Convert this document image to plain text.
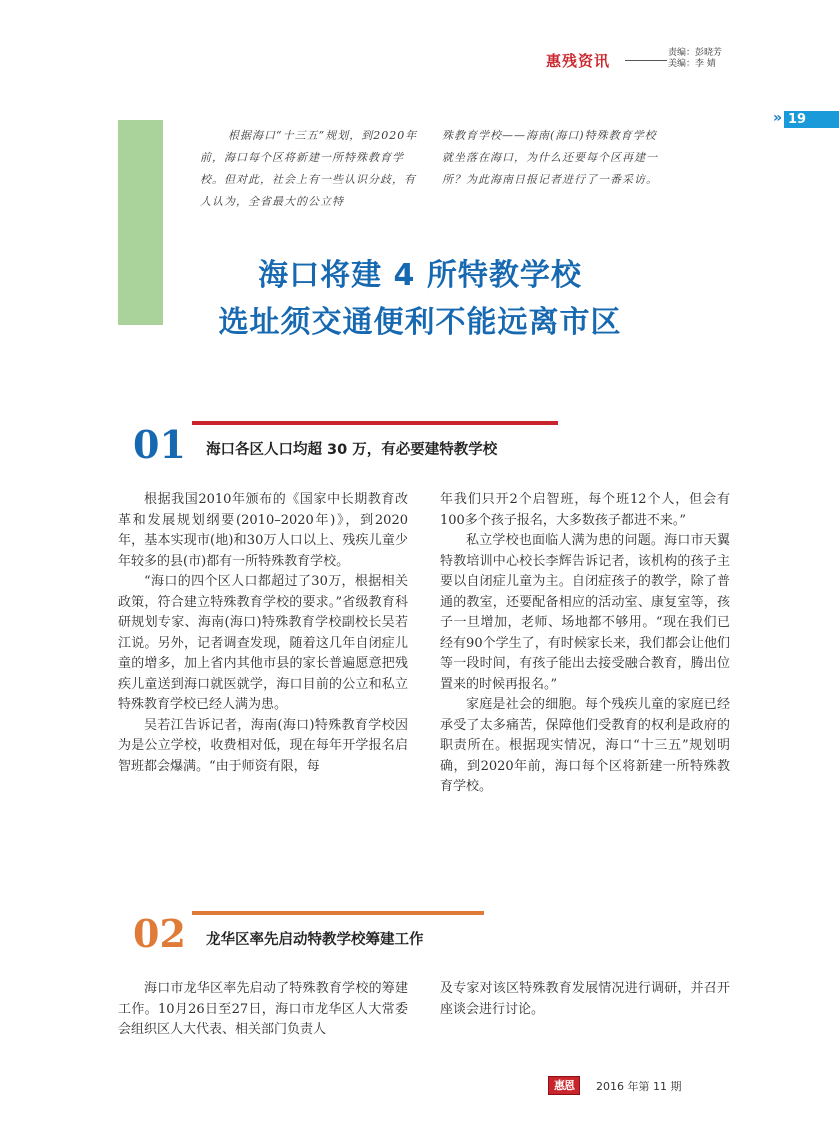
惠残资讯	责编：彭晓芳
美编：李 婧
» 19
根据海口“十三五”规划，到2020年前，海口每个区将新建一所特殊教育学校。但对此，社会上有一些认识分歧，有人认为，全省最大的公立特
殊教育学校——海南(海口)特殊教育学校就坐落在海口，为什么还要每个区再建一所？为此海南日报记者进行了一番采访。
海口将建 4 所特教学校
选址须交通便利不能远离市区
01 海口各区人口均超 30 万，有必要建特教学校

根据我国2010年颁布的《国家中长期教育改革和发展规划纲要(2010–2020年)》，到2020年，基本实现市(地)和30万人口以上、残疾儿童少年较多的县(市)都有一所特殊教育学校。

“海口的四个区人口都超过了30万，根据相关政策，符合建立特殊教育学校的要求。”省级教育科研规划专家、海南(海口)特殊教育学校副校长吴若江说。另外，记者调查发现，随着这几年自闭症儿童的增多，加上省内其他市县的家长普遍愿意把残疾儿童送到海口就医就学，海口目前的公立和私立特殊教育学校已经人满为患。

吴若江告诉记者，海南(海口)特殊教育学校因为是公立学校，收费相对低，现在每年开学报名启智班都会爆满。“由于师资有限，每

年我们只开2个启智班，每个班12个人，但会有100多个孩子报名，大多数孩子都进不来。”

私立学校也面临人满为患的问题。海口市天翼特教培训中心校长李辉告诉记者，该机构的孩子主要以自闭症儿童为主。自闭症孩子的教学，除了普通的教室，还要配备相应的活动室、康复室等，孩子一旦增加，老师、场地都不够用。“现在我们已经有90个学生了，有时候家长来，我们都会让他们等一段时间，有孩子能出去接受融合教育，腾出位置来的时候再报名。”

家庭是社会的细胞。每个残疾儿童的家庭已经承受了太多痛苦，保障他们受教育的权利是政府的职责所在。根据现实情况，海口“十三五”规划明确，到2020年前，海口每个区将新建一所特殊教育学校。

02 龙华区率先启动特教学校筹建工作

海口市龙华区率先启动了特殊教育学校的筹建工作。10月26日至27日，海口市龙华区人大常委会组织区人大代表、相关部门负责人

及专家对该区特殊教育发展情况进行调研，并召开座谈会进行讨论。

惠恩	2016 年第 11 期
